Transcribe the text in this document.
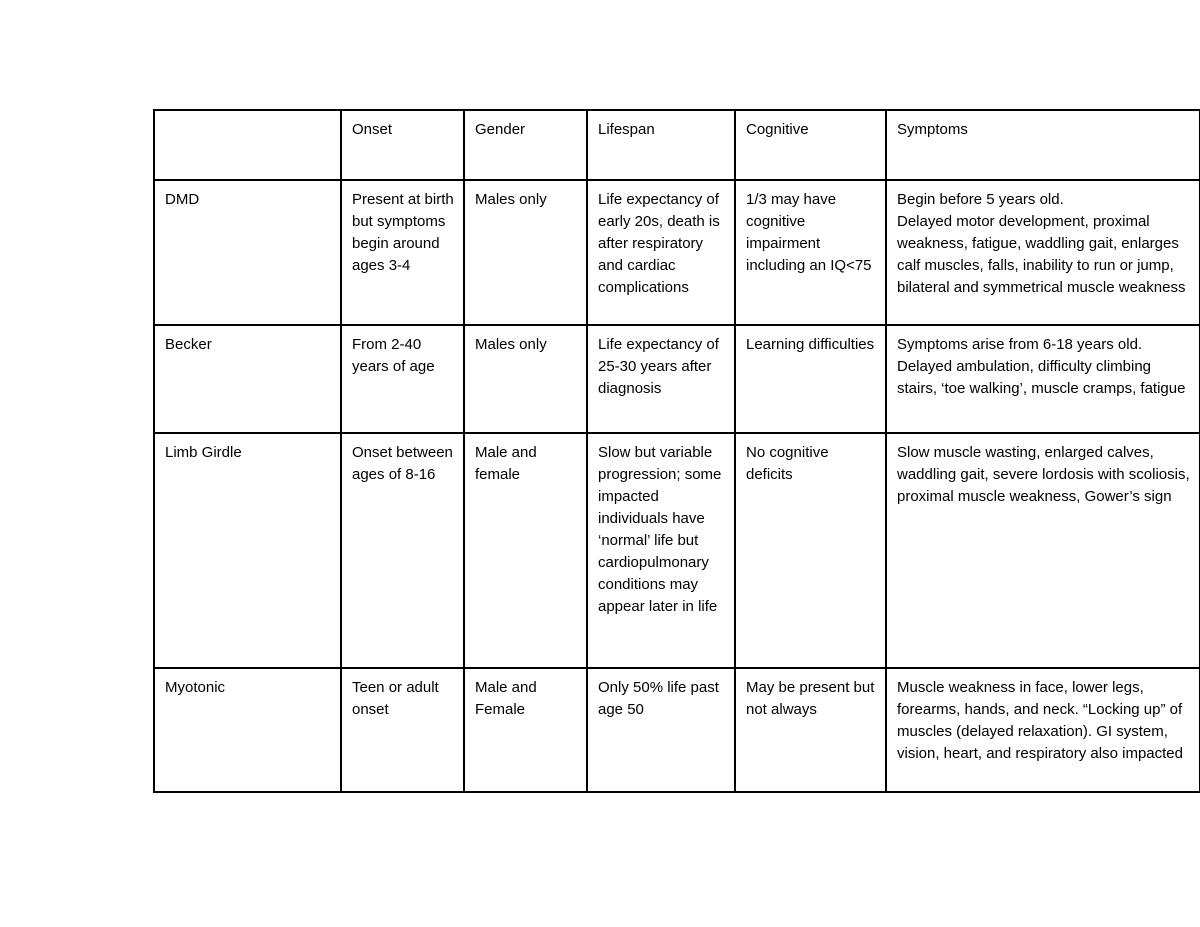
	Onset	Gender	Lifespan	Cognitive	Symptoms
DMD	Present at birth but symptoms begin around ages 3-4	Males only	Life expectancy of early 20s, death is after respiratory and cardiac complications	1/3 may have cognitive impairment including an IQ<75	Begin before 5 years old.
Delayed motor development, proximal weakness, fatigue, waddling gait, enlarges calf muscles, falls, inability to run or jump, bilateral and symmetrical muscle weakness

Becker	From 2-40 years of age	Males only	Life expectancy of 25-30 years after diagnosis	Learning difficulties	Symptoms arise from 6-18 years old.
Delayed ambulation, difficulty climbing stairs, ‘toe walking’, muscle cramps, fatigue

Limb Girdle	Onset between ages of 8-16	Male and female	Slow but variable progression; some impacted individuals have ‘normal’ life but cardiopulmonary conditions may appear later in life	No cognitive deficits	Slow muscle wasting, enlarged calves, waddling gait, severe lordosis with scoliosis, proximal muscle weakness, Gower’s sign

Myotonic	Teen or adult onset	Male and Female	Only 50% life past age 50	May be present but not always	Muscle weakness in face, lower legs, forearms, hands, and neck. “Locking up” of muscles (delayed relaxation). GI system, vision, heart, and respiratory also impacted
